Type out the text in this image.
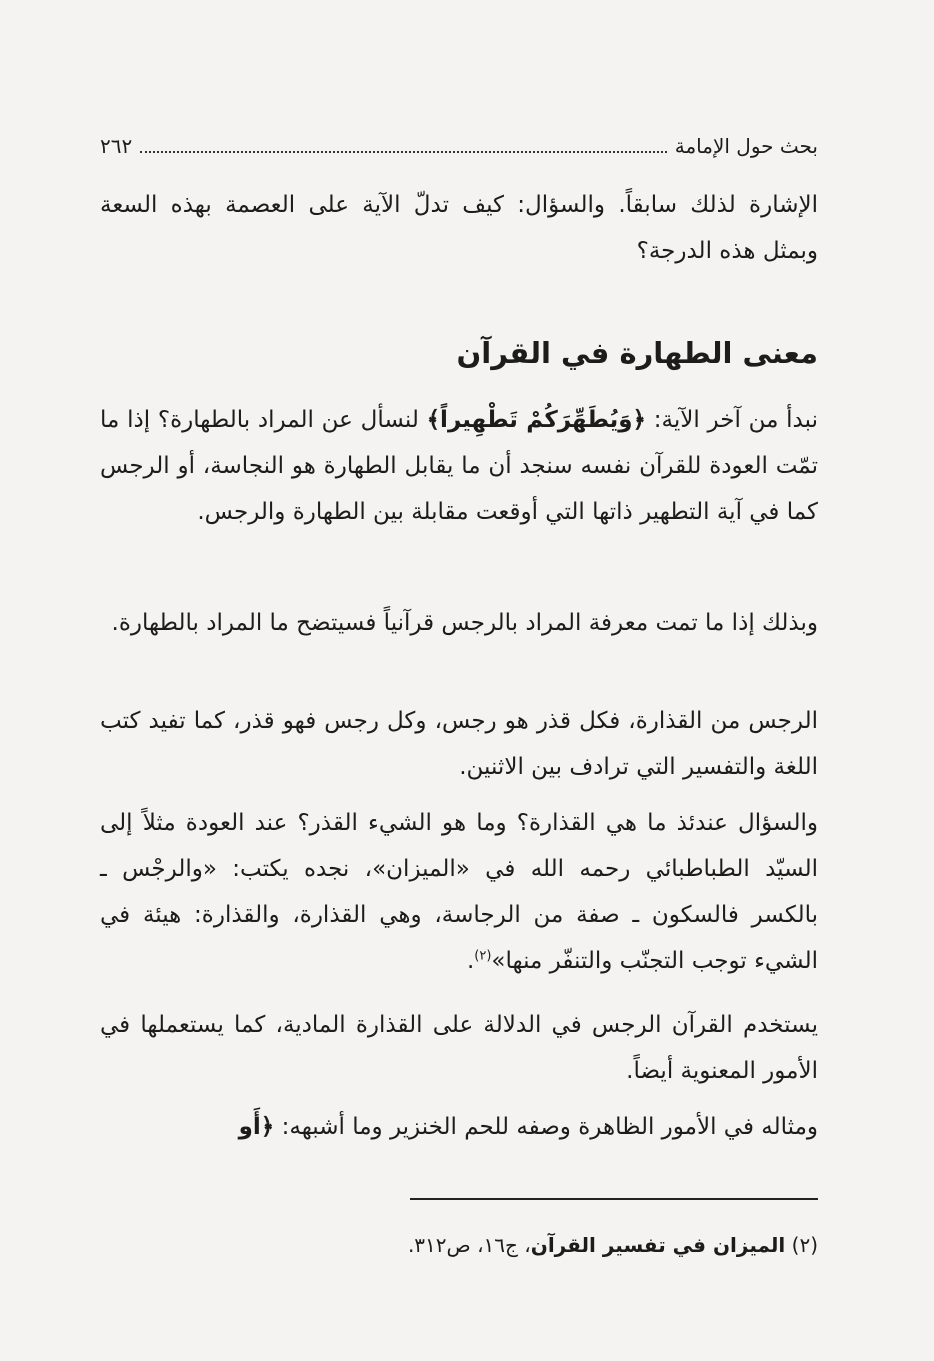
بحث حول الإمامة
٢٦٢

الإشارة لذلك سابقاً. والسؤال: كيف تدلّ الآية على العصمة بهذه السعة وبمثل هذه الدرجة؟

معنى الطهارة في القرآن

نبدأ من آخر الآية: ﴿وَيُطَهِّرَكُمْ تَطْهِيراً﴾ لنسأل عن المراد بالطهارة؟ إذا ما تمّت العودة للقرآن نفسه سنجد أن ما يقابل الطهارة هو النجاسة، أو الرجس كما في آية التطهير ذاتها التي أوقعت مقابلة بين الطهارة والرجس.

وبذلك إذا ما تمت معرفة المراد بالرجس قرآنياً فسيتضح ما المراد بالطهارة.

الرجس من القذارة، فكل قذر هو رجس، وكل رجس فهو قذر، كما تفيد كتب اللغة والتفسير التي ترادف بين الاثنين.

والسؤال عندئذ ما هي القذارة؟ وما هو الشيء القذر؟ عند العودة مثلاً إلى السيّد الطباطبائي رحمه الله في «الميزان»، نجده يكتب: «والرجْس ـ بالكسر فالسكون ـ صفة من الرجاسة، وهي القذارة، والقذارة: هيئة في الشيء توجب التجنّب والتنفّر منها»$^{(٢)}$.

يستخدم القرآن الرجس في الدلالة على القذارة المادية، كما يستعملها في الأمور المعنوية أيضاً.

ومثاله في الأمور الظاهرة وصفه للحم الخنزير وما أشبهه: ﴿أَو

(٢) الميزان في تفسير القرآن، ج١٦، ص٣١٢.
